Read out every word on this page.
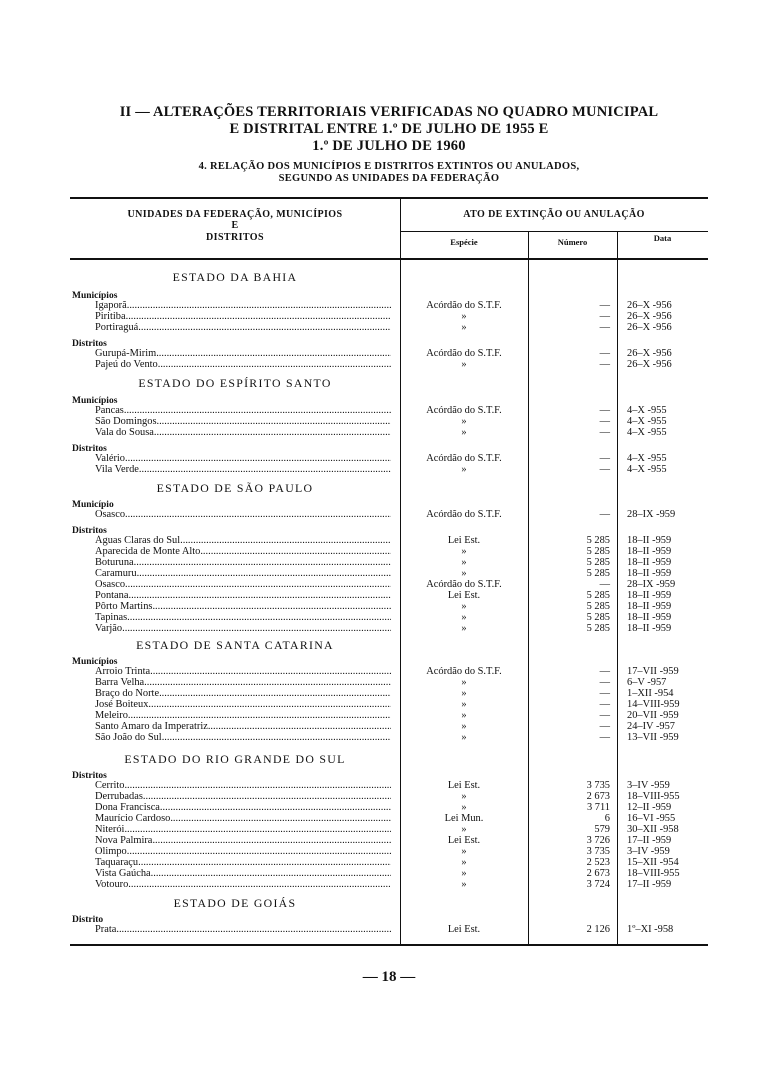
II — ALTERAÇÕES TERRITORIAIS VERIFICADAS NO QUADRO MUNICIPAL
E DISTRITAL ENTRE 1.º DE JULHO DE 1955 E
1.º DE JULHO DE 1960
4. RELAÇÃO DOS MUNICÍPIOS E DISTRITOS EXTINTOS OU ANULADOS,
SEGUNDO AS UNIDADES DA FEDERAÇÃO
UNIDADES DA FEDERAÇÃO, MUNICÍPIOS
E
DISTRITOS
ATO DE EXTINÇÃO OU ANULAÇÃO
Espécie	Número	Data
ESTADO DA BAHIA
ESTADO DO ESPÍRITO SANTO
ESTADO DE SÃO PAULO
ESTADO DE SANTA CATARINA
ESTADO DO RIO GRANDE DO SUL
ESTADO DE GOIÁS
Municípios
Distritos
Municípios
Distritos
Município
Distritos
Municípios
Distritos
Distrito
Igaporã .....	Acórdão do S.T.F.	— 26–X -956
Piritiba .....	»	— 26–X -956
Portiraguá .....	»	— 26–X -956
Gurupá-Mirim .....	Acórdão do S.T.F.	— 26–X -956
Pajeú do Vento .....	»	— 26–X -956
Pancas .....	Acórdão do S.T.F.	— 4–X -955
São Domingos .....	»	— 4–X -955
Vala do Sousa .....	»	— 4–X -955
Valério .....	Acórdão do S.T.F.	— 4–X -955
Vila Verde .....	»	— 4–X -955
Osasco .....	Acórdão do S.T.F.	— 28–IX -959
Águas Claras do Sul .....	Lei Est.	5 285 18–II -959
Aparecida de Monte Alto .....	»	5 285 18–II -959
Boturuna .....	»	5 285 18–II -959
Caramuru .....	»	5 285 18–II -959
Osasco .....	Acórdão do S.T.F.	— 28–IX -959
Pontana .....	Lei Est.	5 285 18–II -959
Pôrto Martins .....	»	5 285 18–II -959
Tapinas .....	»	5 285 18–II -959
Varjão .....	»	5 285 18–II -959
Arroio Trinta .....	Acórdão do S.T.F.	— 17–VII -959
Barra Velha .....	»	— 6–V -957
Braço do Norte .....	»	— 1–XII -954
José Boiteux .....	»	— 14–VIII-959
Meleiro .....	»	— 20–VII -959
Santo Amaro da Imperatriz .....	»	— 24–IV -957
São João do Sul .....	»	— 13–VII -959
Cerrito .....	Lei Est.	3 735 3–IV -959
Derrubadas .....	»	2 673 18–VIII-955
Dona Francisca .....	»	3 711 12–II -959
Maurício Cardoso .....	Lei Mun.	6 16–VI -955
Niterói .....	»	579 30–XII -958
Nova Palmira .....	Lei Est.	3 726 17–II -959
Olimpo .....	»	3 735 3–IV -959
Taquaraçu .....	»	2 523 15–XII -954
Vista Gaúcha .....	»	2 673 18–VIII-955
Votouro .....	»	3 724 17–II -959
Prata .....	Lei Est.	2 126 1º–XI -958
— 18 —
